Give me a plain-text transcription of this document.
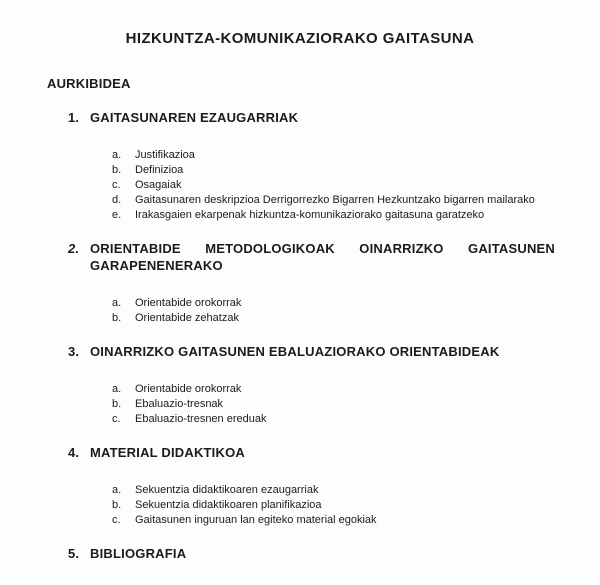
HIZKUNTZA-KOMUNIKAZIORAKO GAITASUNA
AURKIBIDEA
1. GAITASUNAREN EZAUGARRIAK
a.	Justifikazioa
b.	Definizioa
c.	Osagaiak
d.	Gaitasunaren deskripzioa Derrigorrezko Bigarren Hezkuntzako bigarren mailarako
e.	Irakasgaien ekarpenak hizkuntza-komunikaziorako gaitasuna garatzeko
2. ORIENTABIDE METODOLOGIKOAK OINARRIZKO GAITASUNEN GARAPENENERAKO
a.	Orientabide orokorrak
b.	Orientabide zehatzak
3. OINARRIZKO GAITASUNEN EBALUAZIORAKO ORIENTABIDEAK
a.	Orientabide orokorrak
b.	Ebaluazio-tresnak
c.	Ebaluazio-tresnen ereduak
4. MATERIAL DIDAKTIKOA
a.	Sekuentzia didaktikoaren ezaugarriak
b.	Sekuentzia didaktikoaren planifikazioa
c.	Gaitasunen inguruan lan egiteko material egokiak
5. BIBLIOGRAFIA
